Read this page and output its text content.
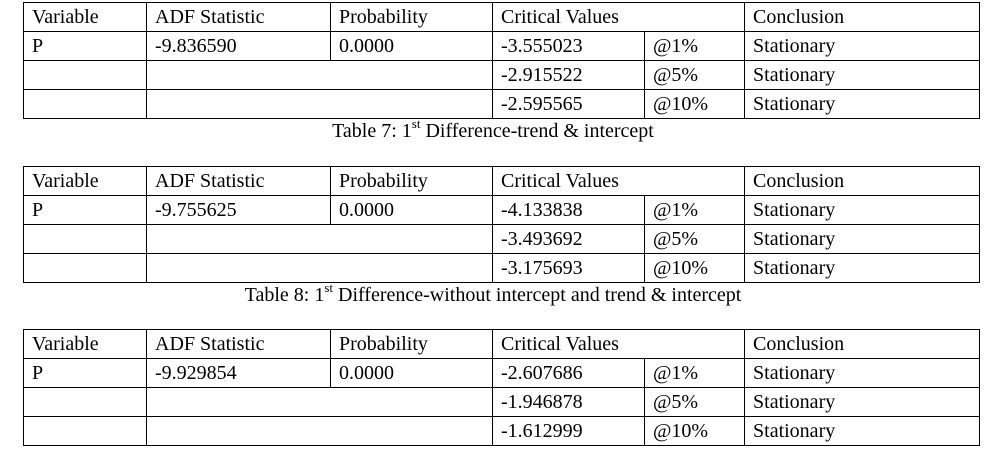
Variable	ADF Statistic	Probability	Critical Values		Conclusion
P	-9.836590	0.0000	-3.555023	@1%	Stationary
			-2.915522	@5%	Stationary
			-2.595565	@10%	Stationary
Table 7: 1st Difference-trend & intercept
Variable	ADF Statistic	Probability	Critical Values		Conclusion
P	-9.755625	0.0000	-4.133838	@1%	Stationary
			-3.493692	@5%	Stationary
			-3.175693	@10%	Stationary
Table 8: 1st Difference-without intercept and trend & intercept
Variable	ADF Statistic	Probability	Critical Values		Conclusion
P	-9.929854	0.0000	-2.607686	@1%	Stationary
			-1.946878	@5%	Stationary
			-1.612999	@10%	Stationary
